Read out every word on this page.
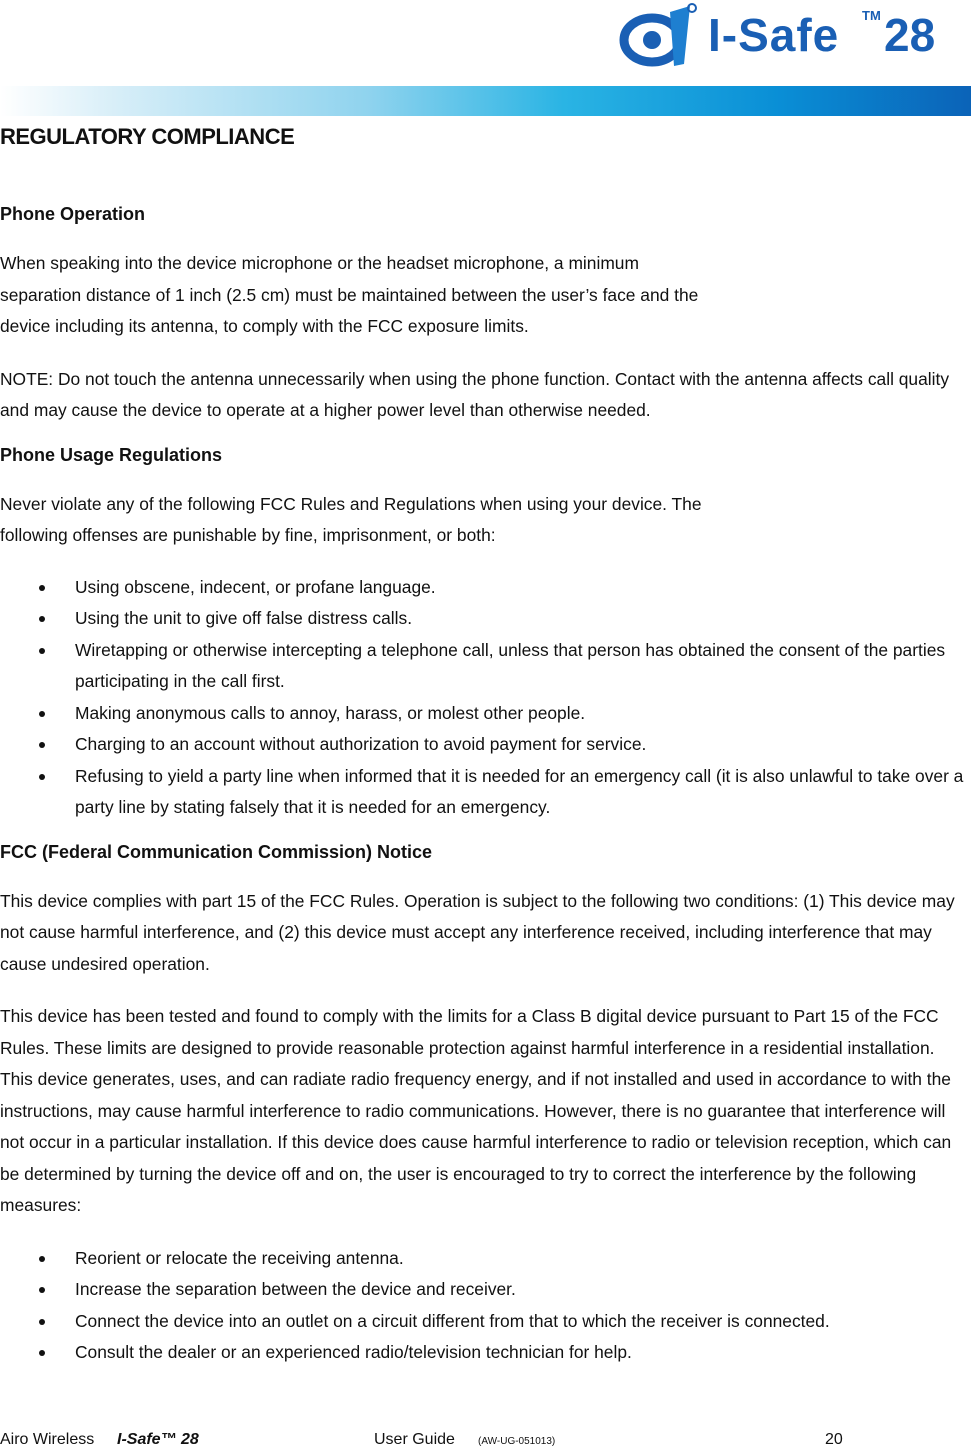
I-Safe TM 28
REGULATORY COMPLIANCE
Phone Operation

When speaking into the device microphone or the headset microphone, a minimum
separation distance of 1 inch (2.5 cm) must be maintained between the user’s face and the
device including its antenna, to comply with the FCC exposure limits.

NOTE: Do not touch the antenna unnecessarily when using the phone function. Contact with the antenna affects call quality and may cause the device to operate at a higher power level than otherwise needed.

Phone Usage Regulations

Never violate any of the following FCC Rules and Regulations when using your device. The
following offenses are punishable by fine, imprisonment, or both:

Using obscene, indecent, or profane language.
Using the unit to give off false distress calls.
Wiretapping or otherwise intercepting a telephone call, unless that person has obtained the consent of the parties participating in the call first.
Making anonymous calls to annoy, harass, or molest other people.
Charging to an account without authorization to avoid payment for service.
Refusing to yield a party line when informed that it is needed for an emergency call (it is also unlawful to take over a party line by stating falsely that it is needed for an emergency.
FCC (Federal Communication Commission) Notice

This device complies with part 15 of the FCC Rules. Operation is subject to the following two conditions: (1) This device may not cause harmful interference, and (2) this device must accept any interference received, including interference that may cause undesired operation.

This device has been tested and found to comply with the limits for a Class B digital device pursuant to Part 15 of the FCC Rules. These limits are designed to provide reasonable protection against harmful interference in a residential installation. This device generates, uses, and can radiate radio frequency energy, and if not installed and used in accordance to with the instructions, may cause harmful interference to radio communications. However, there is no guarantee that interference will not occur in a particular installation. If this device does cause harmful interference to radio or television reception, which can be determined by turning the device off and on, the user is encouraged to try to correct the interference by the following measures:

Reorient or relocate the receiving antenna.
Increase the separation between the device and receiver.
Connect the device into an outlet on a circuit different from that to which the receiver is connected.
Consult the dealer or an experienced radio/television technician for help.
Airo Wireless I-Safe™ 28	User Guide (AW-UG-051013)	20
